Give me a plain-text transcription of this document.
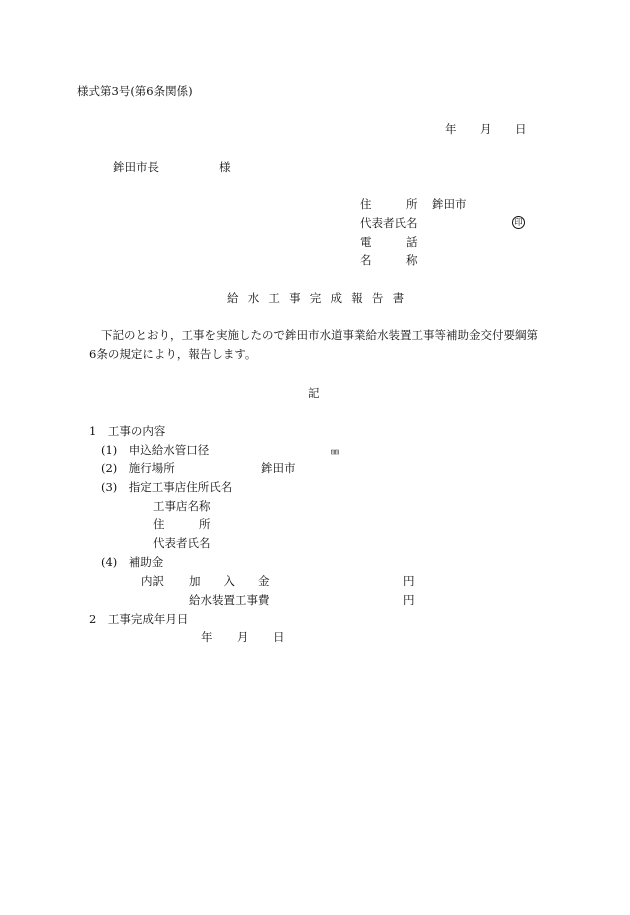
様式第3号(第6条関係)
年 月 日
鉾田市長	様
住　　　所 鉾田市
代表者氏名	印
電　　　話
名　　　称
給水工事完成報告書
下記のとおり，工事を実施したので鉾田市水道事業給水装置工事等補助金交付要綱第
6条の規定により，報告します。
記
1　工事の内容
(1)　申込給水管口径	㎜
(2)　施行場所	鉾田市
(3)　指定工事店住所氏名
工事店名称
住　　　所
代表者氏名
(4)　補助金
内訳 加　　入　　金	円
給水装置工事費	円
2　工事完成年月日
年 月 日
